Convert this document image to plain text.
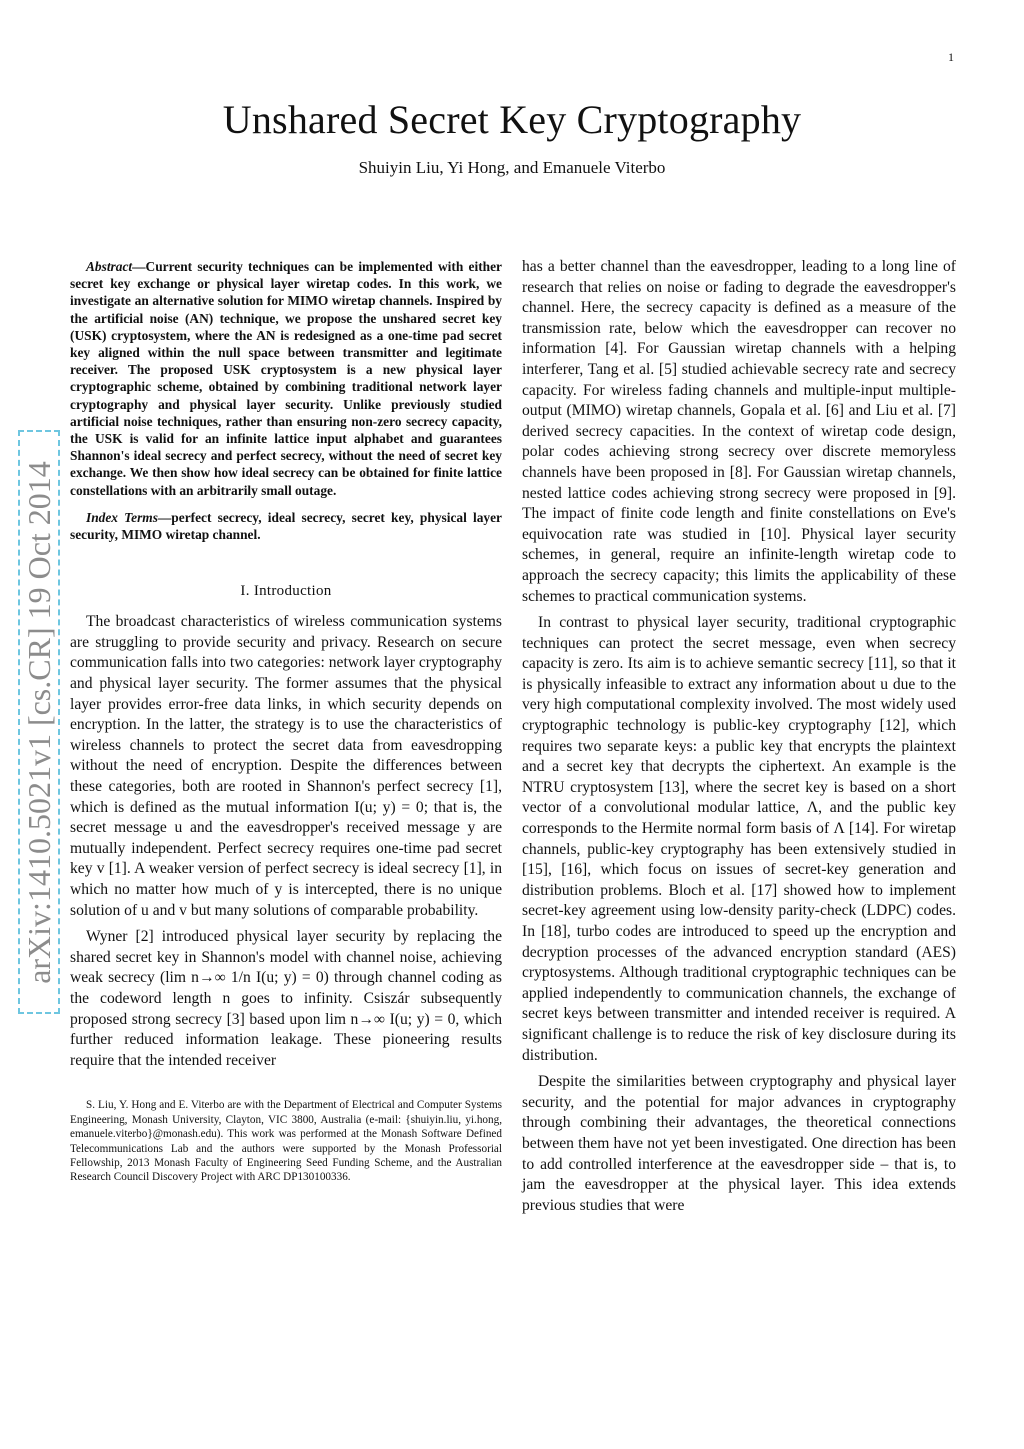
1
Unshared Secret Key Cryptography
Shuiyin Liu, Yi Hong, and Emanuele Viterbo
arXiv:1410.5021v1 [cs.CR] 19 Oct 2014

Abstract—Current security techniques can be implemented with either secret key exchange or physical layer wiretap codes. In this work, we investigate an alternative solution for MIMO wiretap channels. Inspired by the artificial noise (AN) technique, we propose the unshared secret key (USK) cryptosystem, where the AN is redesigned as a one-time pad secret key aligned within the null space between transmitter and legitimate receiver. The proposed USK cryptosystem is a new physical layer cryptographic scheme, obtained by combining traditional network layer cryptography and physical layer security. Unlike previously studied artificial noise techniques, rather than ensuring non-zero secrecy capacity, the USK is valid for an infinite lattice input alphabet and guarantees Shannon's ideal secrecy and perfect secrecy, without the need of secret key exchange. We then show how ideal secrecy can be obtained for finite lattice constellations with an arbitrarily small outage.

Index Terms—perfect secrecy, ideal secrecy, secret key, physical layer security, MIMO wiretap channel.

I. Introduction

The broadcast characteristics of wireless communication systems are struggling to provide security and privacy. Research on secure communication falls into two categories: network layer cryptography and physical layer security. The former assumes that the physical layer provides error-free data links, in which security depends on encryption. In the latter, the strategy is to use the characteristics of wireless channels to protect the secret data from eavesdropping without the need of encryption. Despite the differences between these categories, both are rooted in Shannon's perfect secrecy [1], which is defined as the mutual information I(u; y) = 0; that is, the secret message u and the eavesdropper's received message y are mutually independent. Perfect secrecy requires one-time pad secret key v [1]. A weaker version of perfect secrecy is ideal secrecy [1], in which no matter how much of y is intercepted, there is no unique solution of u and v but many solutions of comparable probability.

Wyner [2] introduced physical layer security by replacing the shared secret key in Shannon's model with channel noise, achieving weak secrecy (lim n→∞ 1/n I(u; y) = 0) through channel coding as the codeword length n goes to infinity. Csiszár subsequently proposed strong secrecy [3] based upon lim n→∞ I(u; y) = 0, which further reduced information leakage. These pioneering results require that the intended receiver

S. Liu, Y. Hong and E. Viterbo are with the Department of Electrical and Computer Systems Engineering, Monash University, Clayton, VIC 3800, Australia (e-mail: {shuiyin.liu, yi.hong, emanuele.viterbo}@monash.edu). This work was performed at the Monash Software Defined Telecommunications Lab and the authors were supported by the Monash Professorial Fellowship, 2013 Monash Faculty of Engineering Seed Funding Scheme, and the Australian Research Council Discovery Project with ARC DP130100336.

has a better channel than the eavesdropper, leading to a long line of research that relies on noise or fading to degrade the eavesdropper's channel. Here, the secrecy capacity is defined as a measure of the transmission rate, below which the eavesdropper can recover no information [4]. For Gaussian wiretap channels with a helping interferer, Tang et al. [5] studied achievable secrecy rate and secrecy capacity. For wireless fading channels and multiple-input multiple-output (MIMO) wiretap channels, Gopala et al. [6] and Liu et al. [7] derived secrecy capacities. In the context of wiretap code design, polar codes achieving strong secrecy over discrete memoryless channels have been proposed in [8]. For Gaussian wiretap channels, nested lattice codes achieving strong secrecy were proposed in [9]. The impact of finite code length and finite constellations on Eve's equivocation rate was studied in [10]. Physical layer security schemes, in general, require an infinite-length wiretap code to approach the secrecy capacity; this limits the applicability of these schemes to practical communication systems.

In contrast to physical layer security, traditional cryptographic techniques can protect the secret message, even when secrecy capacity is zero. Its aim is to achieve semantic secrecy [11], so that it is physically infeasible to extract any information about u due to the very high computational complexity involved. The most widely used cryptographic technology is public-key cryptography [12], which requires two separate keys: a public key that encrypts the plaintext and a secret key that decrypts the ciphertext. An example is the NTRU cryptosystem [13], where the secret key is based on a short vector of a convolutional modular lattice, Λ, and the public key corresponds to the Hermite normal form basis of Λ [14]. For wiretap channels, public-key cryptography has been extensively studied in [15], [16], which focus on issues of secret-key generation and distribution problems. Bloch et al. [17] showed how to implement secret-key agreement using low-density parity-check (LDPC) codes. In [18], turbo codes are introduced to speed up the encryption and decryption processes of the advanced encryption standard (AES) cryptosystems. Although traditional cryptographic techniques can be applied independently to communication channels, the exchange of secret keys between transmitter and intended receiver is required. A significant challenge is to reduce the risk of key disclosure during its distribution.

Despite the similarities between cryptography and physical layer security, and the potential for major advances in cryptography through combining their advantages, the theoretical connections between them have not yet been investigated. One direction has been to add controlled interference at the eavesdropper side – that is, to jam the eavesdropper at the physical layer. This idea extends previous studies that were
